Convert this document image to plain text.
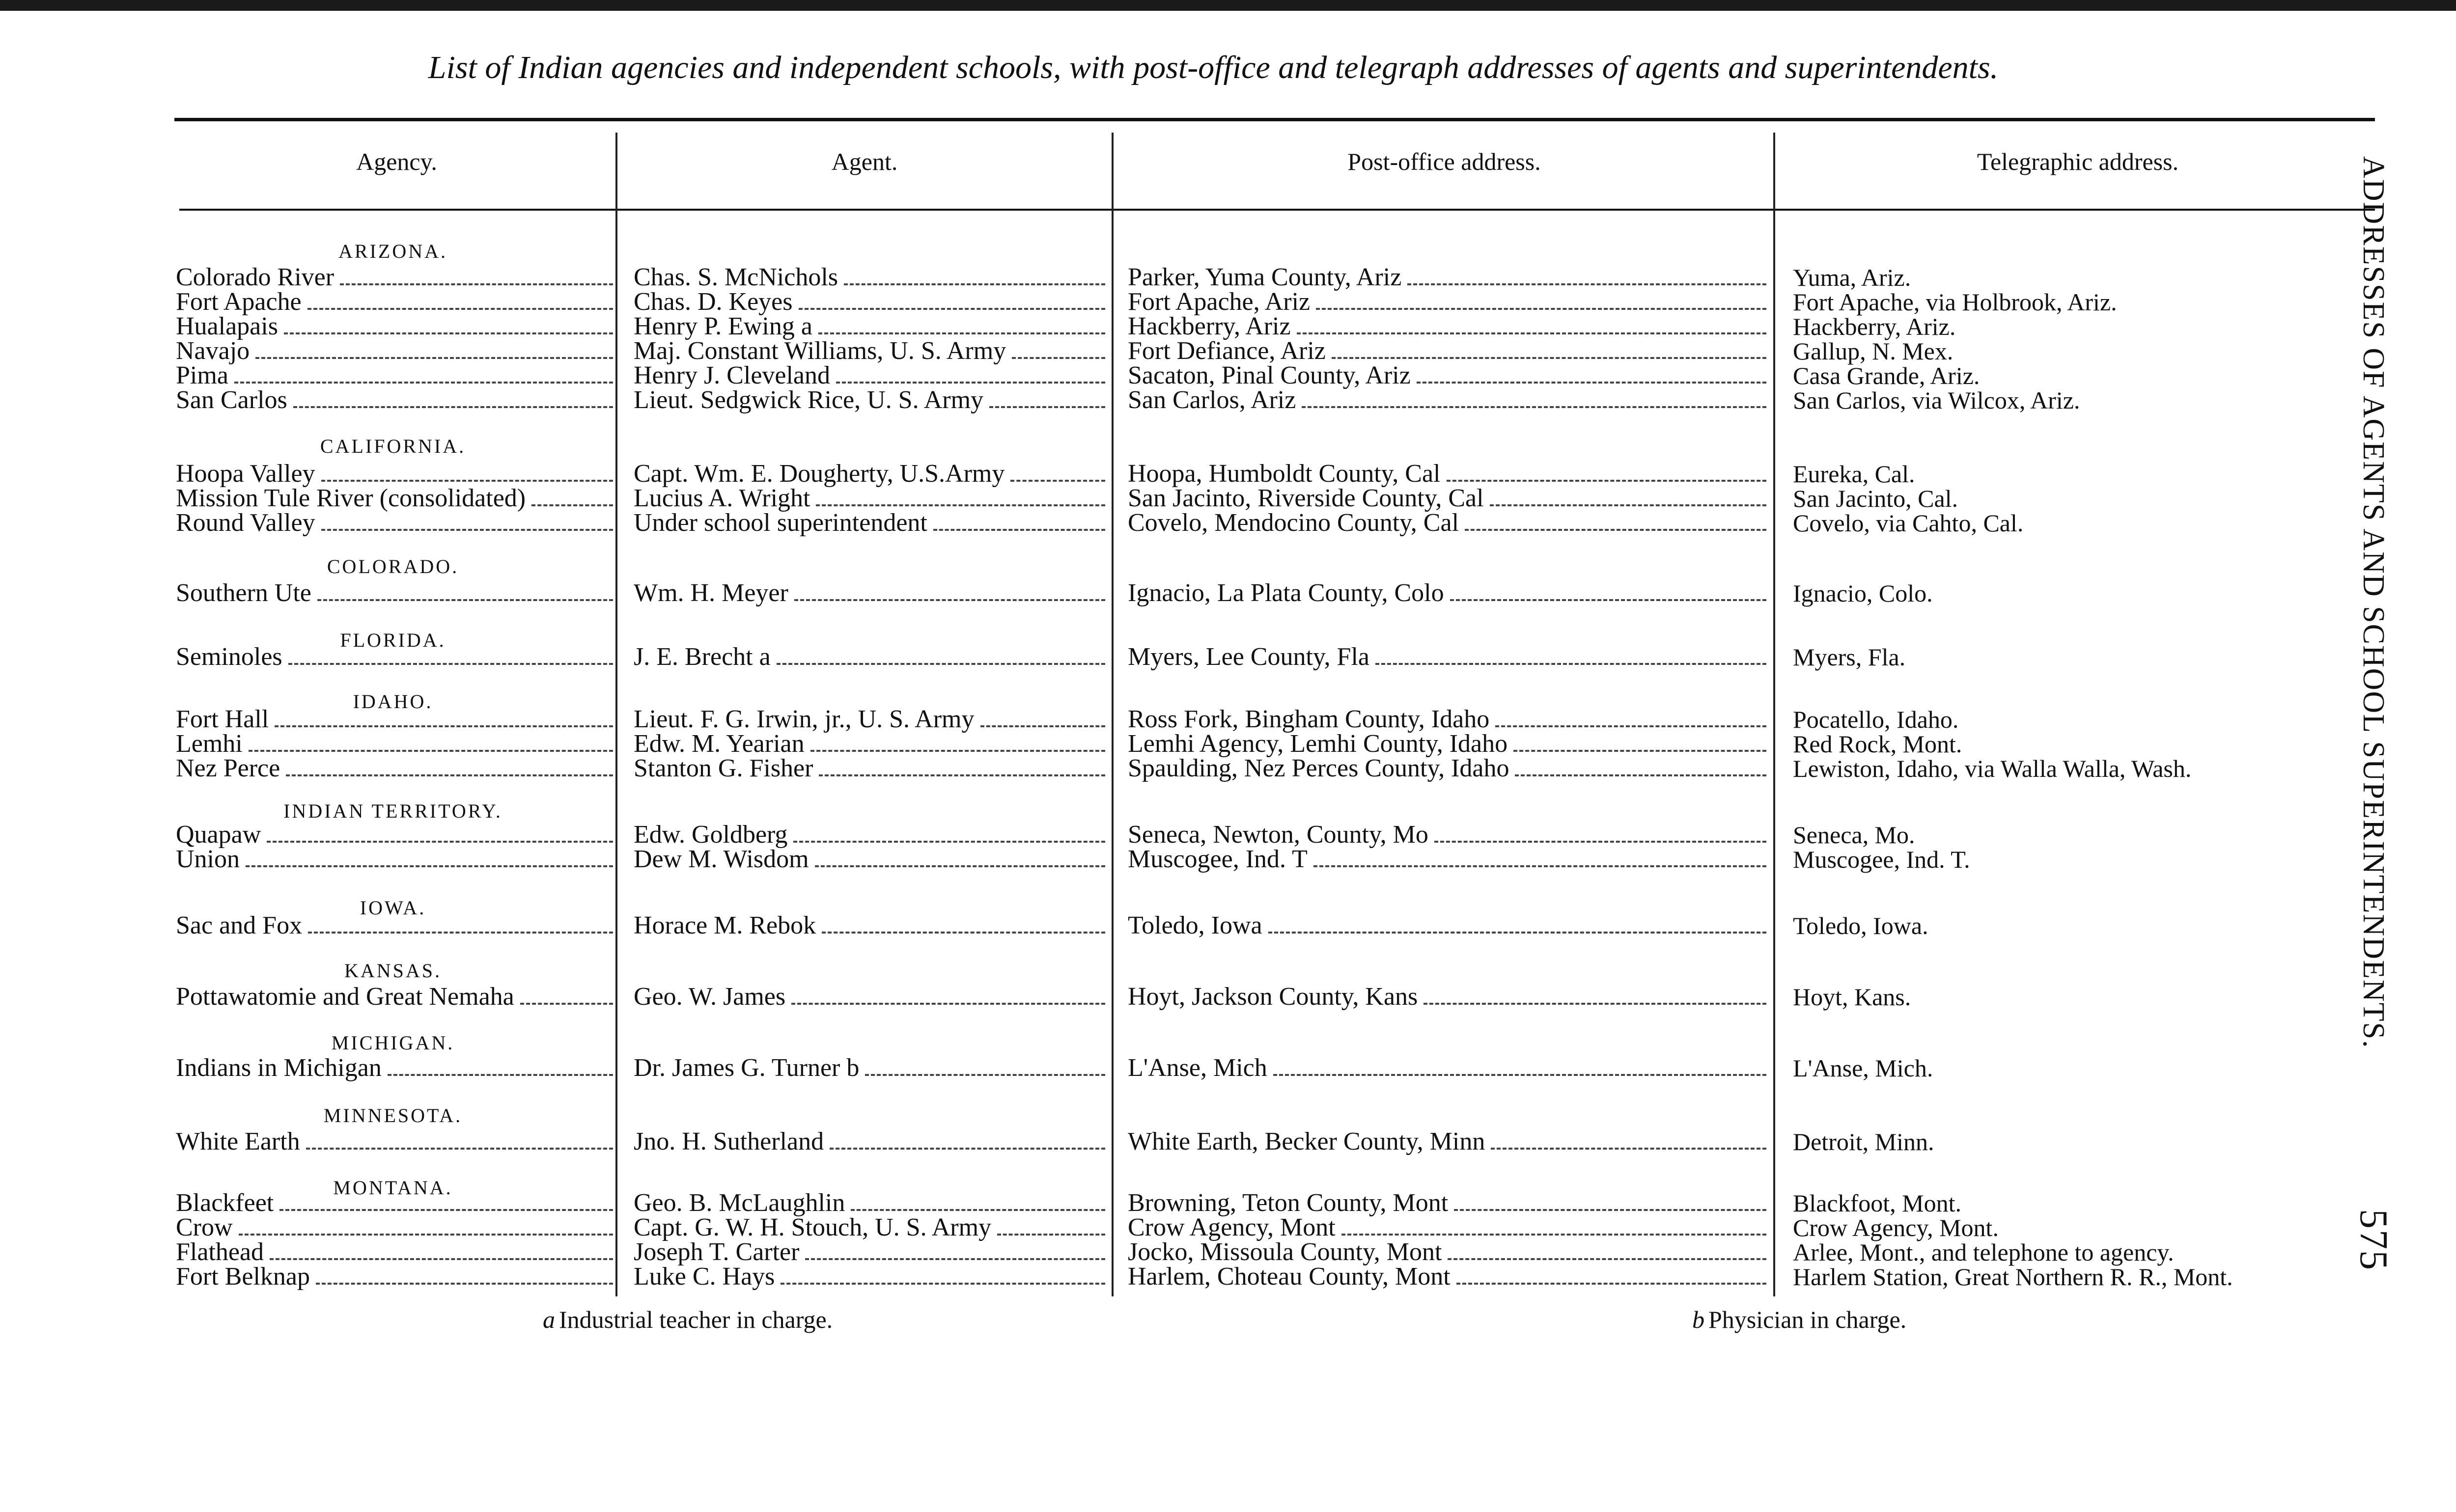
List of Indian agencies and independent schools, with post-office and telegraph addresses of agents and superintendents.
Agency.	Agent.	Post-office address.	Telegraphic address.
ARIZONA.
CALIFORNIA.
COLORADO.
FLORIDA.
IDAHO.
INDIAN TERRITORY.
IOWA.
KANSAS.
MICHIGAN.
MINNESOTA.
MONTANA.
Colorado River	Chas. S. McNichols	Parker, Yuma County, Ariz	Yuma, Ariz.
Fort Apache	Chas. D. Keyes	Fort Apache, Ariz	Fort Apache, via Holbrook, Ariz.
Hualapais	Henry P. Ewing a	Hackberry, Ariz	Hackberry, Ariz.
Navajo	Maj. Constant Williams, U. S. Army	Fort Defiance, Ariz	Gallup, N. Mex.
Pima	Henry J. Cleveland	Sacaton, Pinal County, Ariz	Casa Grande, Ariz.
San Carlos	Lieut. Sedgwick Rice, U. S. Army	San Carlos, Ariz	San Carlos, via Wilcox, Ariz.
Hoopa Valley	Capt. Wm. E. Dougherty, U.S.Army	Hoopa, Humboldt County, Cal	Eureka, Cal.
Mission Tule River (consolidated)	Lucius A. Wright	San Jacinto, Riverside County, Cal	San Jacinto, Cal.
Round Valley	Under school superintendent	Covelo, Mendocino County, Cal	Covelo, via Cahto, Cal.
Southern Ute	Wm. H. Meyer	Ignacio, La Plata County, Colo	Ignacio, Colo.
Seminoles	J. E. Brecht a	Myers, Lee County, Fla	Myers, Fla.
Fort Hall	Lieut. F. G. Irwin, jr., U. S. Army	Ross Fork, Bingham County, Idaho	Pocatello, Idaho.
Lemhi	Edw. M. Yearian	Lemhi Agency, Lemhi County, Idaho	Red Rock, Mont.
Nez Perce	Stanton G. Fisher	Spaulding, Nez Perces County, Idaho	Lewiston, Idaho, via Walla Walla, Wash.
Quapaw	Edw. Goldberg	Seneca, Newton, County, Mo	Seneca, Mo.
Union	Dew M. Wisdom	Muscogee, Ind. T	Muscogee, Ind. T.
Sac and Fox	Horace M. Rebok	Toledo, Iowa	Toledo, Iowa.
Pottawatomie and Great Nemaha	Geo. W. James	Hoyt, Jackson County, Kans	Hoyt, Kans.
Indians in Michigan	Dr. James G. Turner b	L'Anse, Mich	L'Anse, Mich.
White Earth	Jno. H. Sutherland	White Earth, Becker County, Minn	Detroit, Minn.
Blackfeet	Geo. B. McLaughlin	Browning, Teton County, Mont	Blackfoot, Mont.
Crow	Capt. G. W. H. Stouch, U. S. Army	Crow Agency, Mont	Crow Agency, Mont.
Flathead	Joseph T. Carter	Jocko, Missoula County, Mont	Arlee, Mont., and telephone to agency.
Fort Belknap	Luke C. Hays	Harlem, Choteau County, Mont	Harlem Station, Great Northern R. R., Mont.
ADDRESSES OF AGENTS AND SCHOOL SUPERINTENDENTS.
575
a Industrial teacher in charge.	b Physician in charge.
